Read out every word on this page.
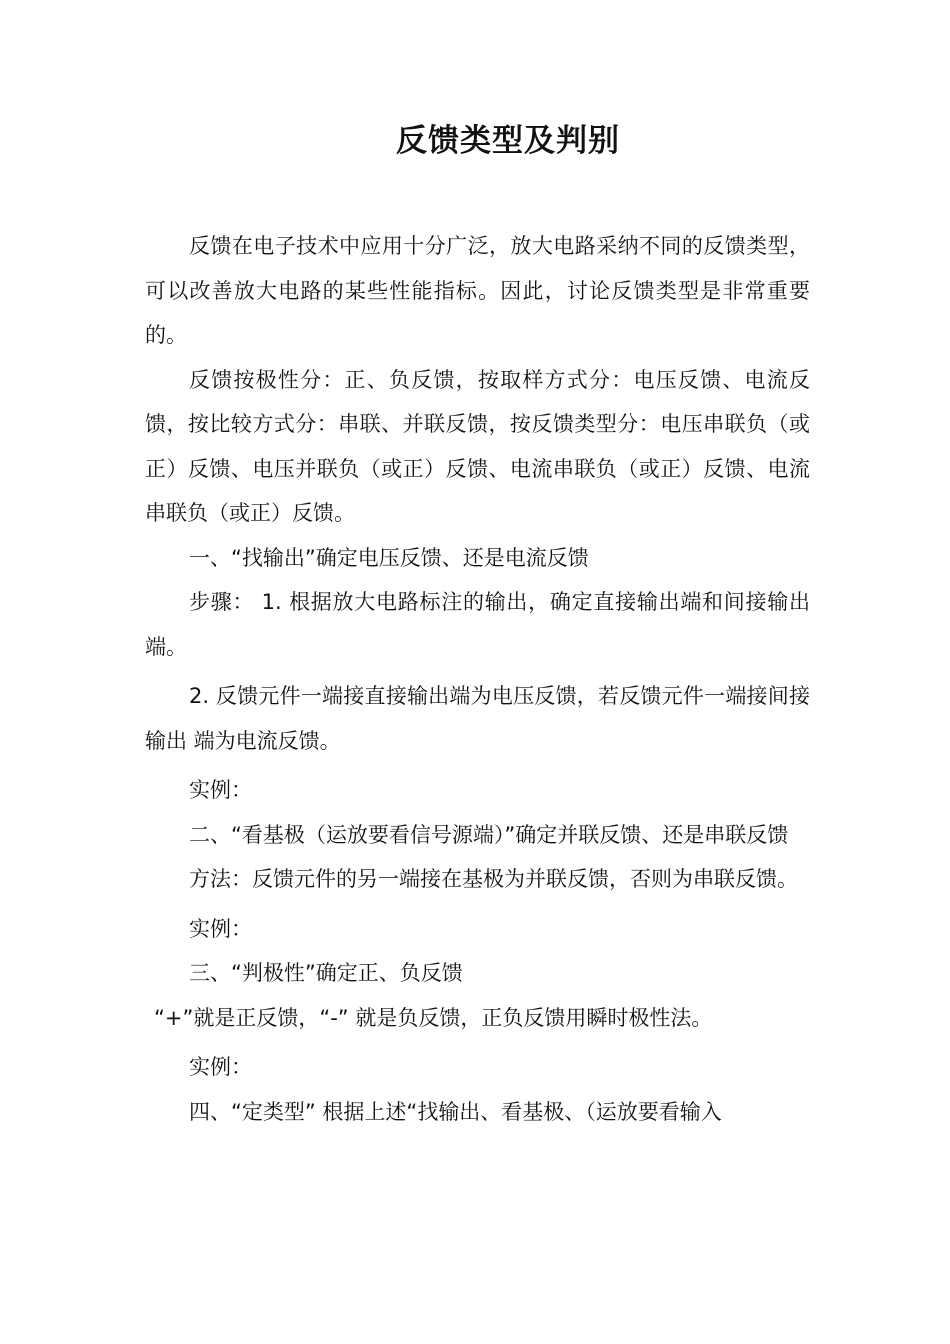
反馈类型及判别

反馈在电子技术中应用十分广泛，放大电路采纳不同的反馈类型，可以改善放大电路的某些性能指标。因此，讨论反馈类型是非常重要的。

反馈按极性分：正、负反馈，按取样方式分：电压反馈、电流反馈，按比较方式分：串联、并联反馈，按反馈类型分：电压串联负（或正）反馈、电压并联负（或正）反馈、电流串联负（或正）反馈、电流串联负（或正）反馈。

一、“找输出”确定电压反馈、还是电流反馈

步骤： 1. 根据放大电路标注的输出，确定直接输出端和间接输出端。

2. 反馈元件一端接直接输出端为电压反馈，若反馈元件一端接间接输出 端为电流反馈。

实例：

二、“看基极（运放要看信号源端）”确定并联反馈、还是串联反馈

方法：反馈元件的另一端接在基极为并联反馈，否则为串联反馈。

实例：

三、“判极性”确定正、负反馈

“+”就是正反馈，“-” 就是负反馈，正负反馈用瞬时极性法。

实例：

四、“定类型” 根据上述“找输出、看基极、（运放要看输入
